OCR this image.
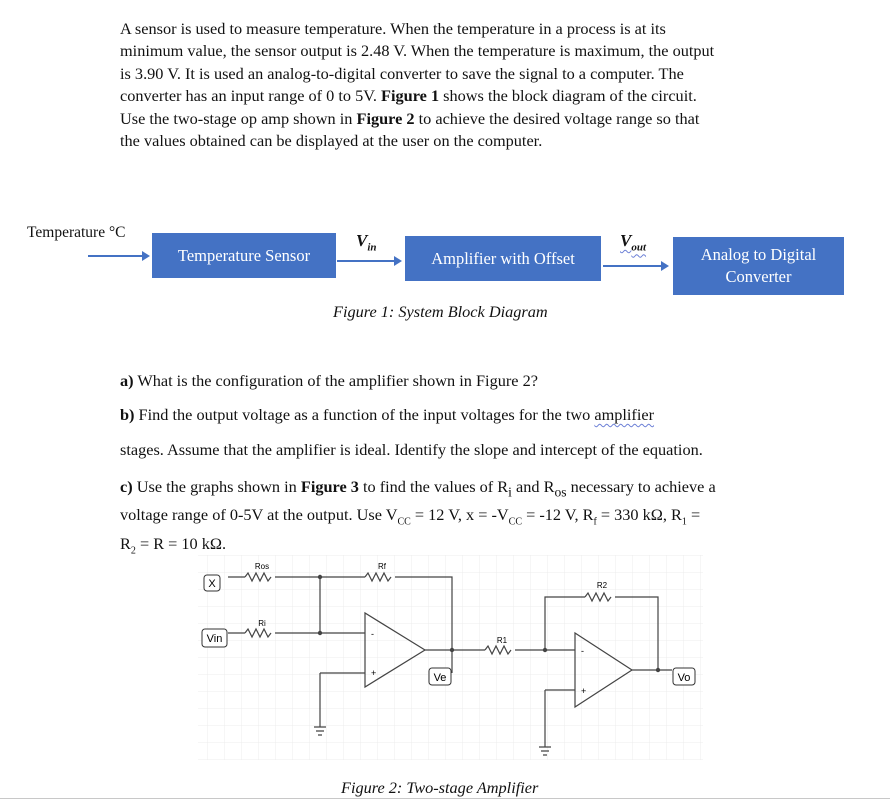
A sensor is used to measure temperature. When the temperature in a process is at its
minimum value, the sensor output is 2.48 V. When the temperature is maximum, the output
is 3.90 V. It is used an analog-to-digital converter to save the signal to a computer. The
converter has an input range of 0 to 5V. Figure 1 shows the block diagram of the circuit.
Use the two-stage op amp shown in Figure 2 to achieve the desired voltage range so that
the values obtained can be displayed at the user on the computer.
Temperature °C
Temperature Sensor
$V_{in}$
Amplifier with Offset
$V_{out}$	Analog to Digital
Converter
Figure 1: System Block Diagram
a) What is the configuration of the amplifier shown in Figure 2?
b) Find the output voltage as a function of the input voltages for the two amplifier
stages. Assume that the amplifier is ideal. Identify the slope and intercept of the equation.
c) Use the graphs shown in Figure 3 to find the values of $R_i$ and $R_{os}$ necessary to achieve a
voltage range of 0-5V at the output. Use $V_{CC} = 12$ V, $x = -V_{CC} = -12$ V, $R_f = 330$ kΩ, $R_1$ =
$R_2 = R = 10$ kΩ.
X
Vin
Ve	Vo
Ros	Rf
Ri
R1
R2
-
+
-
+
Figure 2: Two-stage Amplifier
